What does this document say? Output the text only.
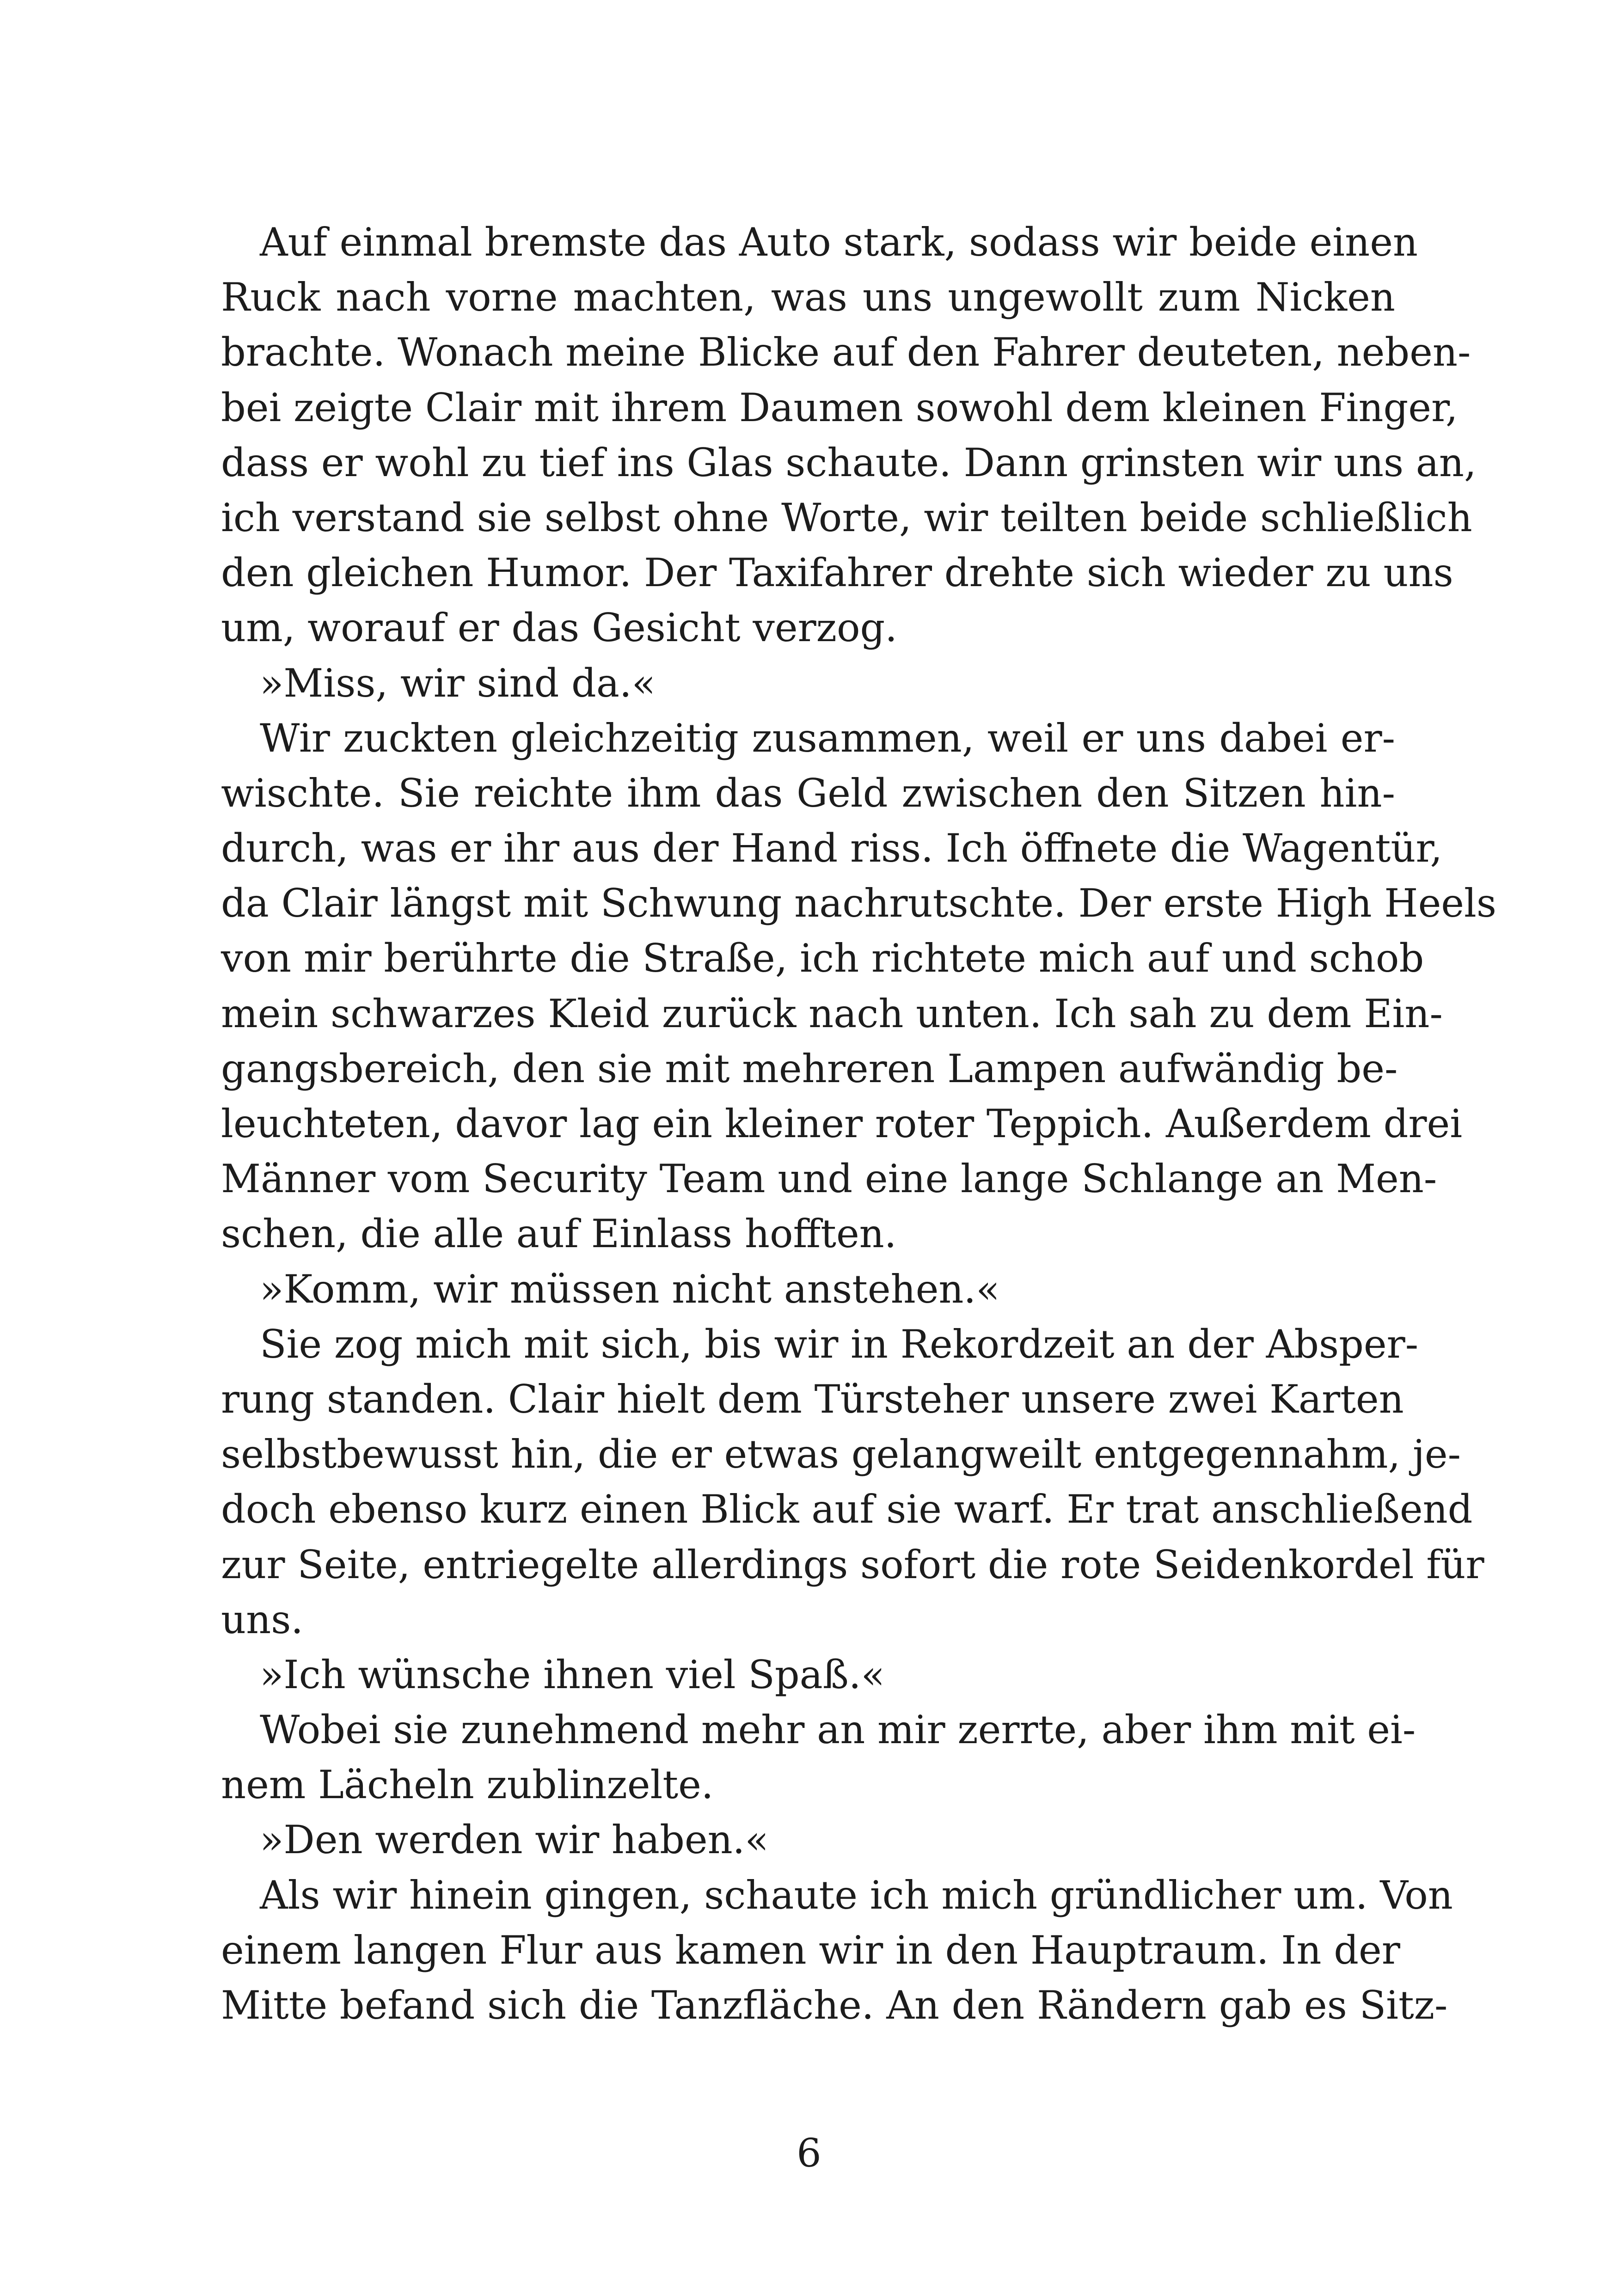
Auf einmal bremste das Auto stark, sodass wir beide einen
Ruck nach vorne machten, was uns ungewollt zum Nicken
brachte. Wonach meine Blicke auf den Fahrer deuteten, neben-
bei zeigte Clair mit ihrem Daumen sowohl dem kleinen Finger,
dass er wohl zu tief ins Glas schaute. Dann grinsten wir uns an,
ich verstand sie selbst ohne Worte, wir teilten beide schließlich
den gleichen Humor. Der Taxifahrer drehte sich wieder zu uns
um, worauf er das Gesicht verzog.
»Miss, wir sind da.«
Wir zuckten gleichzeitig zusammen, weil er uns dabei er-
wischte. Sie reichte ihm das Geld zwischen den Sitzen hin-
durch, was er ihr aus der Hand riss. Ich öffnete die Wagentür,
da Clair längst mit Schwung nachrutschte. Der erste High Heels
von mir berührte die Straße, ich richtete mich auf und schob
mein schwarzes Kleid zurück nach unten. Ich sah zu dem Ein-
gangsbereich, den sie mit mehreren Lampen aufwändig be-
leuchteten, davor lag ein kleiner roter Teppich. Außerdem drei
Männer vom Security Team und eine lange Schlange an Men-
schen, die alle auf Einlass hofften.
»Komm, wir müssen nicht anstehen.«
Sie zog mich mit sich, bis wir in Rekordzeit an der Absper-
rung standen. Clair hielt dem Türsteher unsere zwei Karten
selbstbewusst hin, die er etwas gelangweilt entgegennahm, je-
doch ebenso kurz einen Blick auf sie warf. Er trat anschließend
zur Seite, entriegelte allerdings sofort die rote Seidenkordel für
uns.
»Ich wünsche ihnen viel Spaß.«
Wobei sie zunehmend mehr an mir zerrte, aber ihm mit ei-
nem Lächeln zublinzelte.
»Den werden wir haben.«
Als wir hinein gingen, schaute ich mich gründlicher um. Von
einem langen Flur aus kamen wir in den Hauptraum. In der
Mitte befand sich die Tanzfläche. An den Rändern gab es Sitz-
6
